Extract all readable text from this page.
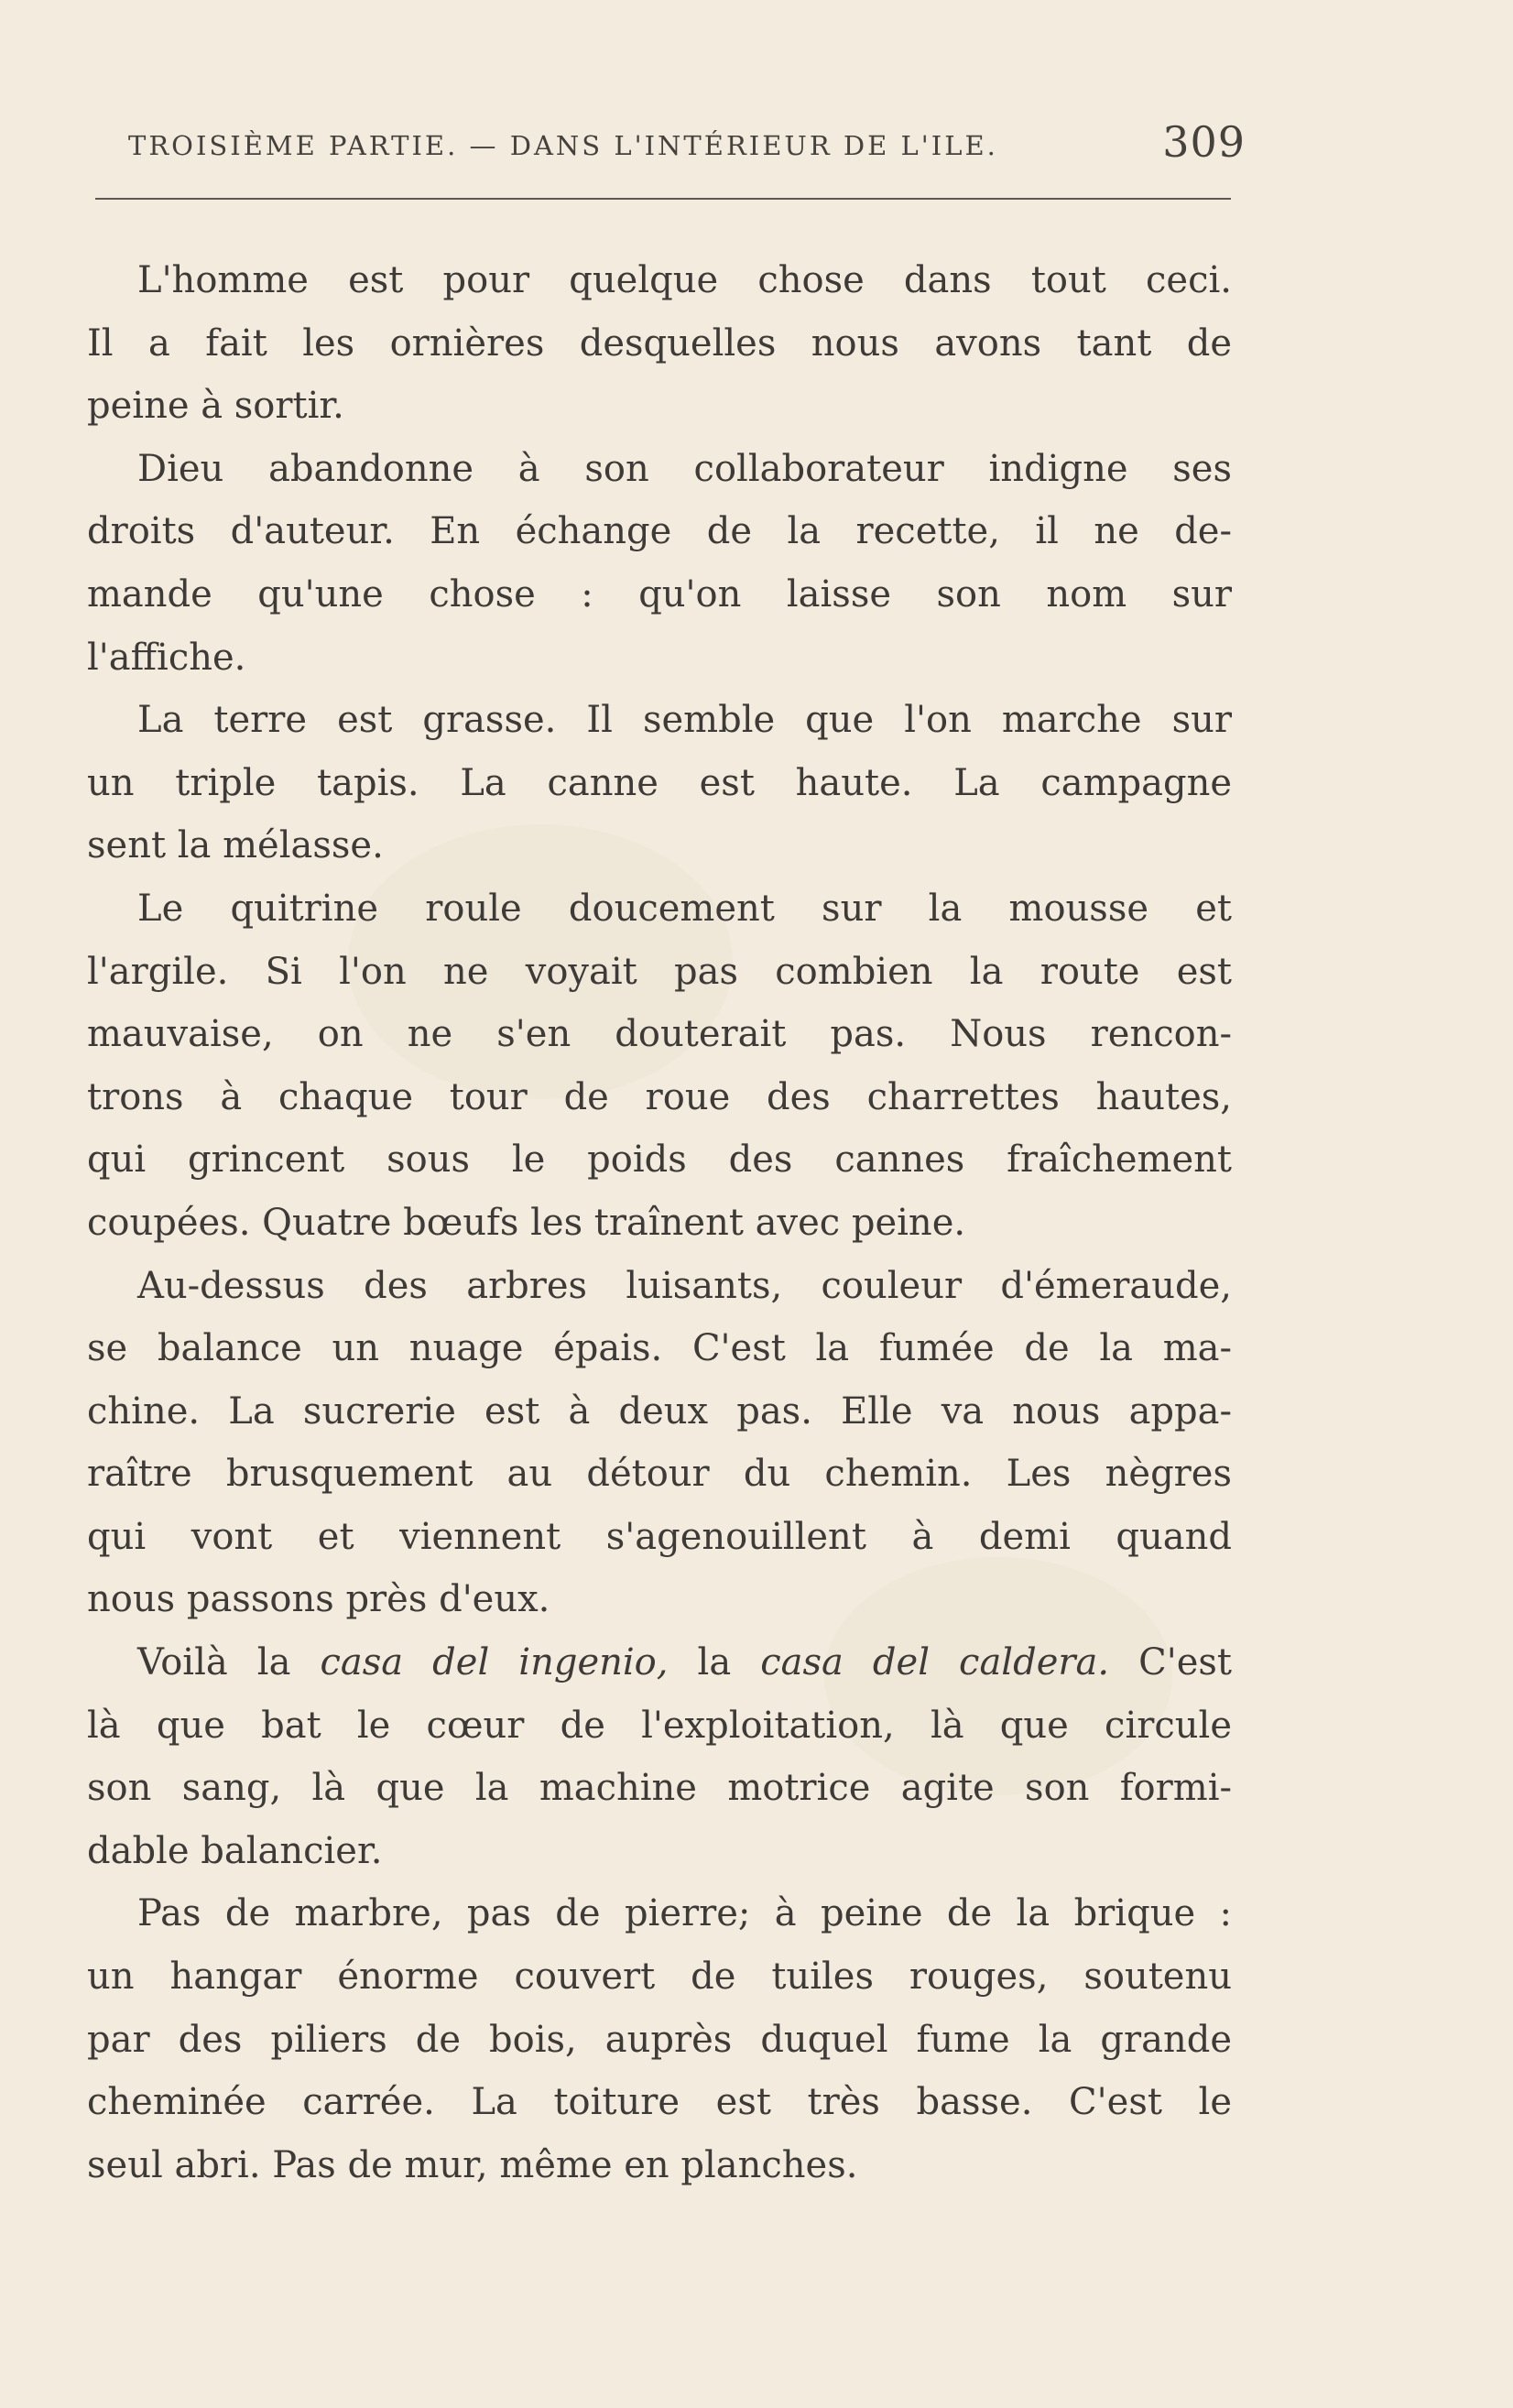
TROISIÈME PARTIE. — DANS L'INTÉRIEUR DE L'ILE.	309
L'homme est pour quelque chose dans tout ceci.
Il a fait les ornières desquelles nous avons tant de
peine à sortir.
Dieu abandonne à son collaborateur indigne ses
droits d'auteur. En échange de la recette, il ne de-
mande qu'une chose : qu'on laisse son nom sur
l'affiche.
La terre est grasse. Il semble que l'on marche sur
un triple tapis. La canne est haute. La campagne
sent la mélasse.
Le quitrine roule doucement sur la mousse et
l'argile. Si l'on ne voyait pas combien la route est
mauvaise, on ne s'en douterait pas. Nous rencon-
trons à chaque tour de roue des charrettes hautes,
qui grincent sous le poids des cannes fraîchement
coupées. Quatre bœufs les traînent avec peine.
Au-dessus des arbres luisants, couleur d'émeraude,
se balance un nuage épais. C'est la fumée de la ma-
chine. La sucrerie est à deux pas. Elle va nous appa-
raître brusquement au détour du chemin. Les nègres
qui vont et viennent s'agenouillent à demi quand
nous passons près d'eux.
Voilà la casa del ingenio, la casa del caldera. C'est
là que bat le cœur de l'exploitation, là que circule
son sang, là que la machine motrice agite son formi-
dable balancier.
Pas de marbre, pas de pierre; à peine de la brique :
un hangar énorme couvert de tuiles rouges, soutenu
par des piliers de bois, auprès duquel fume la grande
cheminée carrée. La toiture est très basse. C'est le
seul abri. Pas de mur, même en planches.
